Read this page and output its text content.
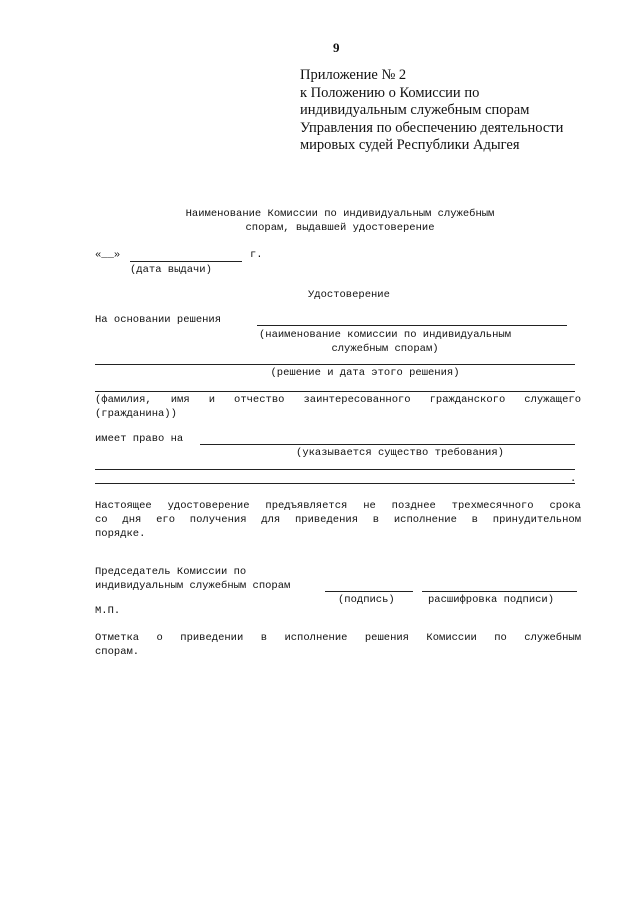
9
Приложение № 2
к Положению о Комиссии по
индивидуальным служебным спорам
Управления по обеспечению деятельности
мировых судей Республики Адыгея
Наименование Комиссии по индивидуальным служебным
спорам, выдавшей удостоверение
«__»	г.
(дата выдачи)
Удостоверение
На основании решения
(наименование комиссии по индивидуальным
служебным спорам)
(решение и дата этого решения)
(фамилия, имя и отчество заинтересованного гражданского служащего
(гражданина))
имеет право на
(указывается существо требования)
.
Настоящее удостоверение предъявляется не позднее трехмесячного срока
со дня его получения для приведения в исполнение в принудительном
порядке.
Председатель Комиссии по
индивидуальным служебным спорам
(подпись)	расшифровка подписи)
М.П.
Отметка о приведении в исполнение решения Комиссии по служебным
спорам.
